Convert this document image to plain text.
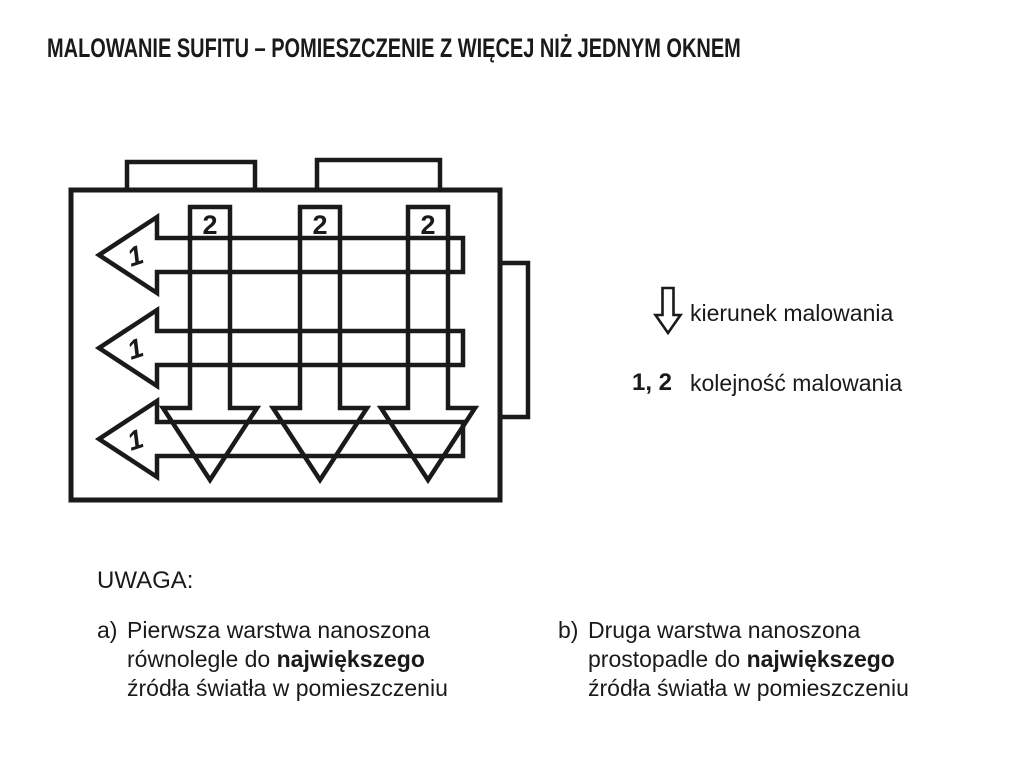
MALOWANIE SUFITU – POMIESZCZENIE Z WIĘCEJ NIŻ JEDNYM OKNEM
1
1
1
2	2	2
kierunek malowania
1, 2 kolejność malowania
UWAGA:
a) Pierwsza warstwa nanoszona
równolegle do największego
źródła światła w pomieszczeniu
b) Druga warstwa nanoszona
prostopadle do największego
źródła światła w pomieszczeniu
